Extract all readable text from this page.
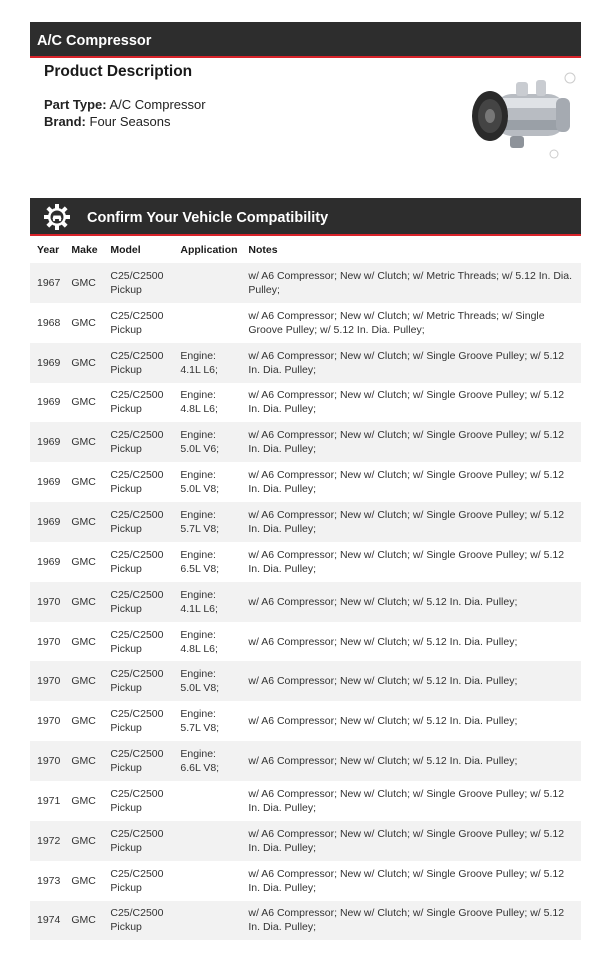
A/C Compressor
Product Description
Part Type: A/C Compressor
Brand: Four Seasons
Confirm Your Vehicle Compatibility
Year	Make	Model	Application	Notes
1967	GMC	C25/C2500 Pickup		w/ A6 Compressor; New w/ Clutch; w/ Metric Threads; w/ 5.12 In. Dia. Pulley;
1968	GMC	C25/C2500 Pickup		w/ A6 Compressor; New w/ Clutch; w/ Metric Threads; w/ Single Groove Pulley; w/ 5.12 In. Dia. Pulley;
1969	GMC	C25/C2500 Pickup	Engine: 4.1L L6;	w/ A6 Compressor; New w/ Clutch; w/ Single Groove Pulley; w/ 5.12 In. Dia. Pulley;
1969	GMC	C25/C2500 Pickup	Engine: 4.8L L6;	w/ A6 Compressor; New w/ Clutch; w/ Single Groove Pulley; w/ 5.12 In. Dia. Pulley;
1969	GMC	C25/C2500 Pickup	Engine: 5.0L V6;	w/ A6 Compressor; New w/ Clutch; w/ Single Groove Pulley; w/ 5.12 In. Dia. Pulley;
1969	GMC	C25/C2500 Pickup	Engine: 5.0L V8;	w/ A6 Compressor; New w/ Clutch; w/ Single Groove Pulley; w/ 5.12 In. Dia. Pulley;
1969	GMC	C25/C2500 Pickup	Engine: 5.7L V8;	w/ A6 Compressor; New w/ Clutch; w/ Single Groove Pulley; w/ 5.12 In. Dia. Pulley;
1969	GMC	C25/C2500 Pickup	Engine: 6.5L V8;	w/ A6 Compressor; New w/ Clutch; w/ Single Groove Pulley; w/ 5.12 In. Dia. Pulley;
1970	GMC	C25/C2500 Pickup	Engine: 4.1L L6;	w/ A6 Compressor; New w/ Clutch; w/ 5.12 In. Dia. Pulley;
1970	GMC	C25/C2500 Pickup	Engine: 4.8L L6;	w/ A6 Compressor; New w/ Clutch; w/ 5.12 In. Dia. Pulley;
1970	GMC	C25/C2500 Pickup	Engine: 5.0L V8;	w/ A6 Compressor; New w/ Clutch; w/ 5.12 In. Dia. Pulley;
1970	GMC	C25/C2500 Pickup	Engine: 5.7L V8;	w/ A6 Compressor; New w/ Clutch; w/ 5.12 In. Dia. Pulley;
1970	GMC	C25/C2500 Pickup	Engine: 6.6L V8;	w/ A6 Compressor; New w/ Clutch; w/ 5.12 In. Dia. Pulley;
1971	GMC	C25/C2500 Pickup		w/ A6 Compressor; New w/ Clutch; w/ Single Groove Pulley; w/ 5.12 In. Dia. Pulley;
1972	GMC	C25/C2500 Pickup		w/ A6 Compressor; New w/ Clutch; w/ Single Groove Pulley; w/ 5.12 In. Dia. Pulley;
1973	GMC	C25/C2500 Pickup		w/ A6 Compressor; New w/ Clutch; w/ Single Groove Pulley; w/ 5.12 In. Dia. Pulley;
1974	GMC	C25/C2500 Pickup		w/ A6 Compressor; New w/ Clutch; w/ Single Groove Pulley; w/ 5.12 In. Dia. Pulley;
